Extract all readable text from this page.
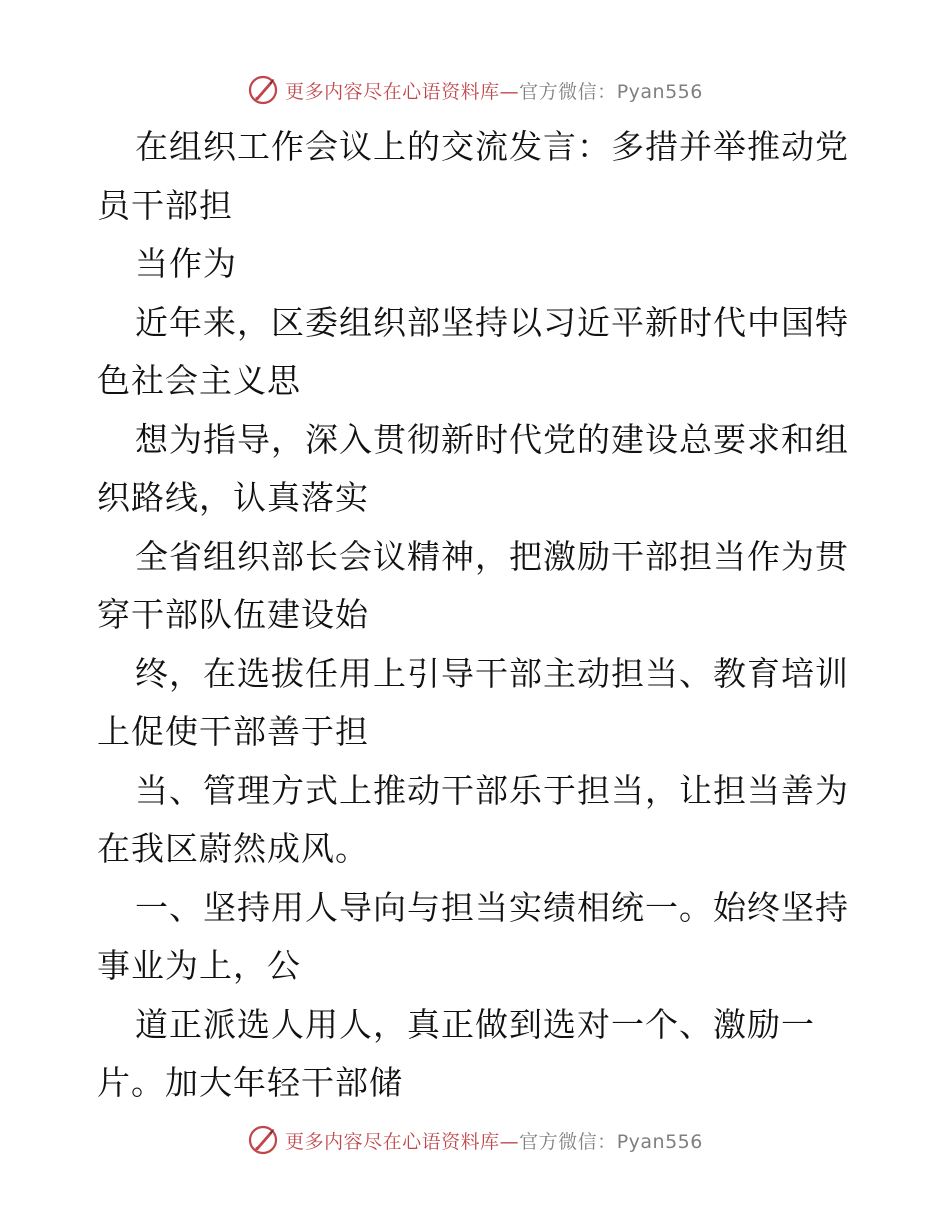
更多内容尽在心语资料库—官方微信：Pyan556
在组织工作会议上的交流发言：多措并举推动党
员干部担
当作为
近年来，区委组织部坚持以习近平新时代中国特
色社会主义思
想为指导，深入贯彻新时代党的建设总要求和组
织路线，认真落实
全省组织部长会议精神，把激励干部担当作为贯
穿干部队伍建设始
终，在选拔任用上引导干部主动担当、教育培训
上促使干部善于担
当、管理方式上推动干部乐于担当，让担当善为
在我区蔚然成风。
一、坚持用人导向与担当实绩相统一。始终坚持
事业为上，公
道正派选人用人，真正做到选对一个、激励一
片。加大年轻干部储
更多内容尽在心语资料库—官方微信：Pyan556
